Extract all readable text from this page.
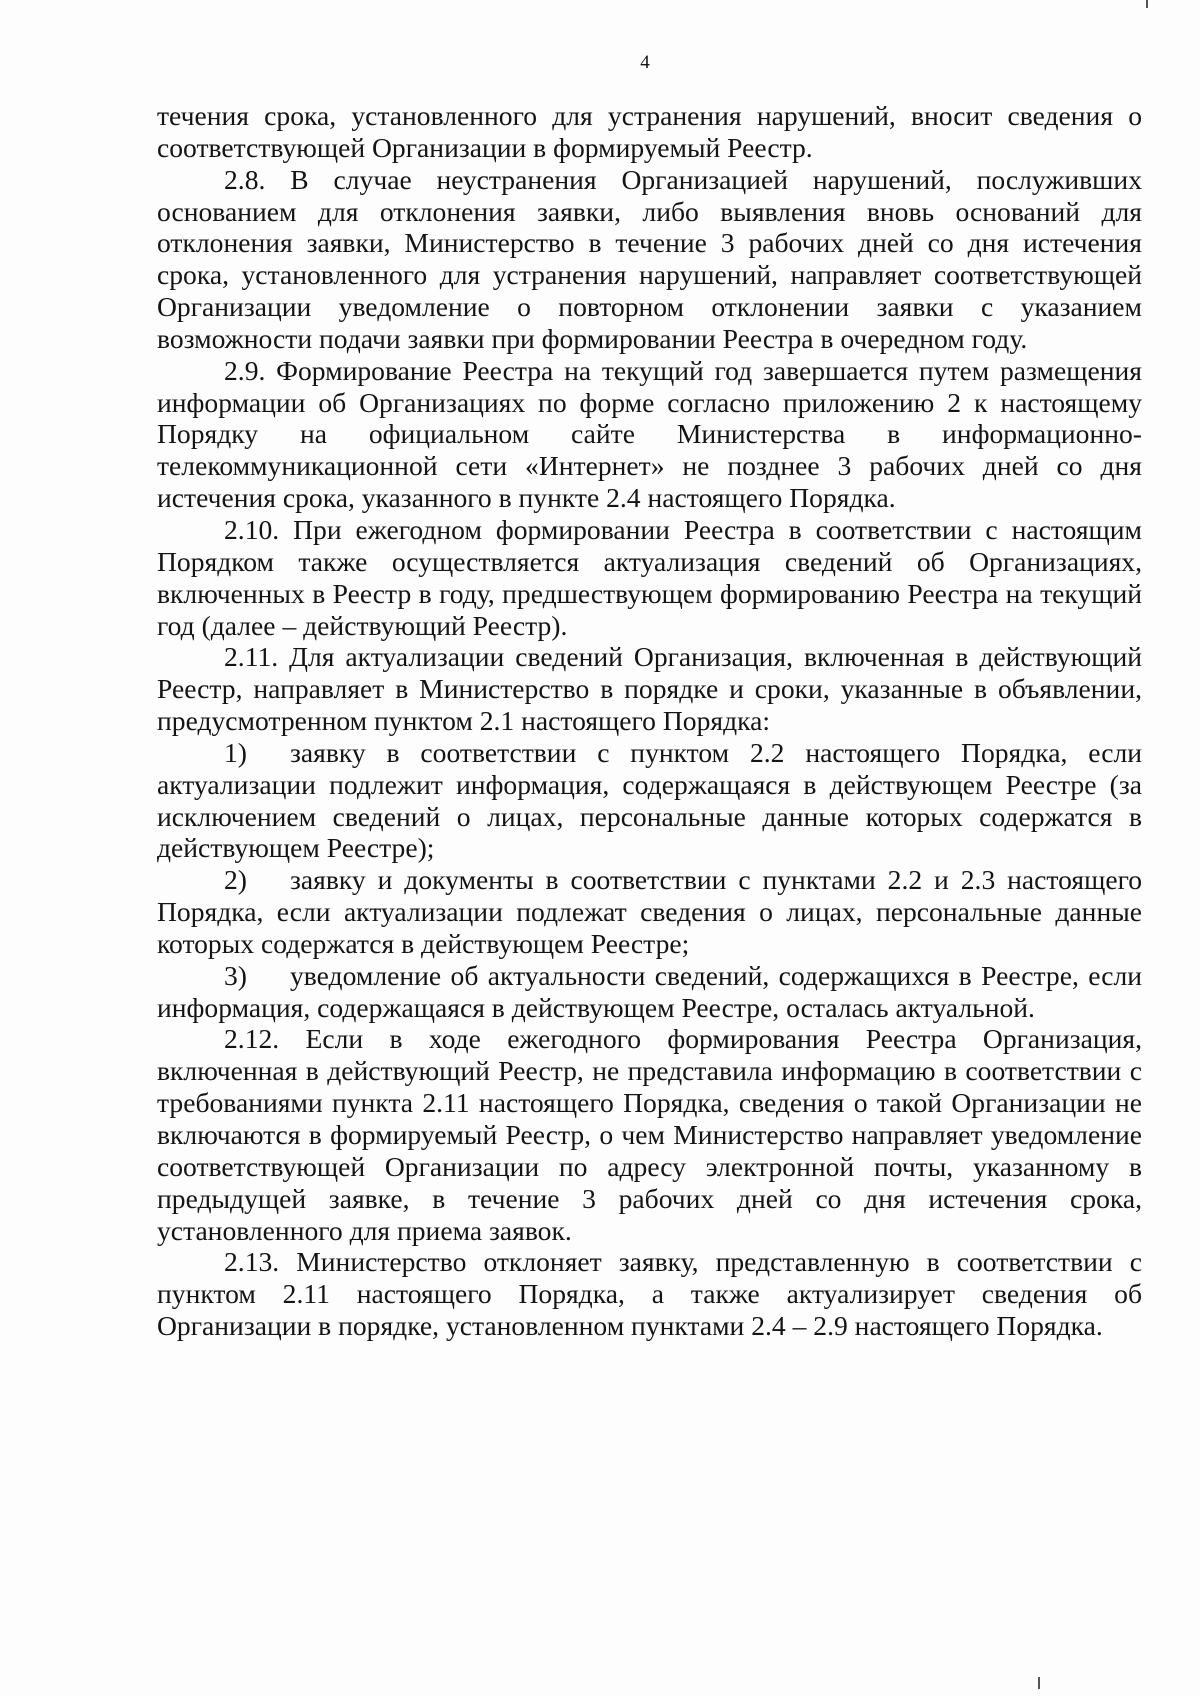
4

течения срока, установленного для устранения нарушений, вносит сведения о соответствующей Организации в формируемый Реестр.

2.8. В случае неустранения Организацией нарушений, послуживших основанием для отклонения заявки, либо выявления вновь оснований для отклонения заявки, Министерство в течение 3 рабочих дней со дня истечения срока, установленного для устранения нарушений, направляет соответствующей Организации уведомление о повторном отклонении заявки с указанием возможности подачи заявки при формировании Реестра в очередном году.

2.9. Формирование Реестра на текущий год завершается путем размещения информации об Организациях по форме согласно приложению 2 к настоящему Порядку на официальном сайте Министерства в информационно-телекоммуникационной сети «Интернет» не позднее 3 рабочих дней со дня истечения срока, указанного в пункте 2.4 настоящего Порядка.

2.10. При ежегодном формировании Реестра в соответствии с настоящим Порядком также осуществляется актуализация сведений об Организациях, включенных в Реестр в году, предшествующем формированию Реестра на текущий год (далее – действующий Реестр).

2.11. Для актуализации сведений Организация, включенная в действующий Реестр, направляет в Министерство в порядке и сроки, указанные в объявлении, предусмотренном пунктом 2.1 настоящего Порядка:

1) заявку в соответствии с пунктом 2.2 настоящего Порядка, если актуализации подлежит информация, содержащаяся в действующем Реестре (за исключением сведений о лицах, персональные данные которых содержатся в действующем Реестре);

2) заявку и документы в соответствии с пунктами 2.2 и 2.3 настоящего Порядка, если актуализации подлежат сведения о лицах, персональные данные которых содержатся в действующем Реестре;

3) уведомление об актуальности сведений, содержащихся в Реестре, если информация, содержащаяся в действующем Реестре, осталась актуальной.

2.12. Если в ходе ежегодного формирования Реестра Организация, включенная в действующий Реестр, не представила информацию в соответствии с требованиями пункта 2.11 настоящего Порядка, сведения о такой Организации не включаются в формируемый Реестр, о чем Министерство направляет уведомление соответствующей Организации по адресу электронной почты, указанному в предыдущей заявке, в течение 3 рабочих дней со дня истечения срока, установленного для приема заявок.

2.13. Министерство отклоняет заявку, представленную в соответствии с пунктом 2.11 настоящего Порядка, а также актуализирует сведения об Организации в порядке, установленном пунктами 2.4 – 2.9 настоящего Порядка.
